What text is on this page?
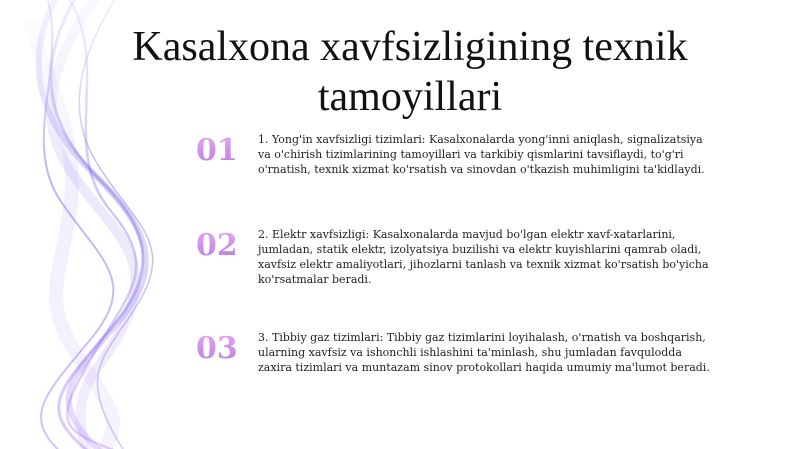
Kasalxona xavfsizligining texnik tamoyillari
01	1. Yong'in xavfsizligi tizimlari: Kasalxonalarda yong'inni aniqlash, signalizatsiya va o'chirish tizimlarining tamoyillari va tarkibiy qismlarini tavsiflaydi, to'g'ri o'rnatish, texnik xizmat ko'rsatish va sinovdan o'tkazish muhimligini ta'kidlaydi.
02	2. Elektr xavfsizligi: Kasalxonalarda mavjud bo'lgan elektr xavf-xatarlarini, jumladan, statik elektr, izolyatsiya buzilishi va elektr kuyishlarini qamrab oladi, xavfsiz elektr amaliyotlari, jihozlarni tanlash va texnik xizmat ko'rsatish bo'yicha ko'rsatmalar beradi.
03	3. Tibbiy gaz tizimlari: Tibbiy gaz tizimlarini loyihalash, o'rnatish va boshqarish, ularning xavfsiz va ishonchli ishlashini ta'minlash, shu jumladan favqulodda zaxira tizimlari va muntazam sinov protokollari haqida umumiy ma'lumot beradi.
